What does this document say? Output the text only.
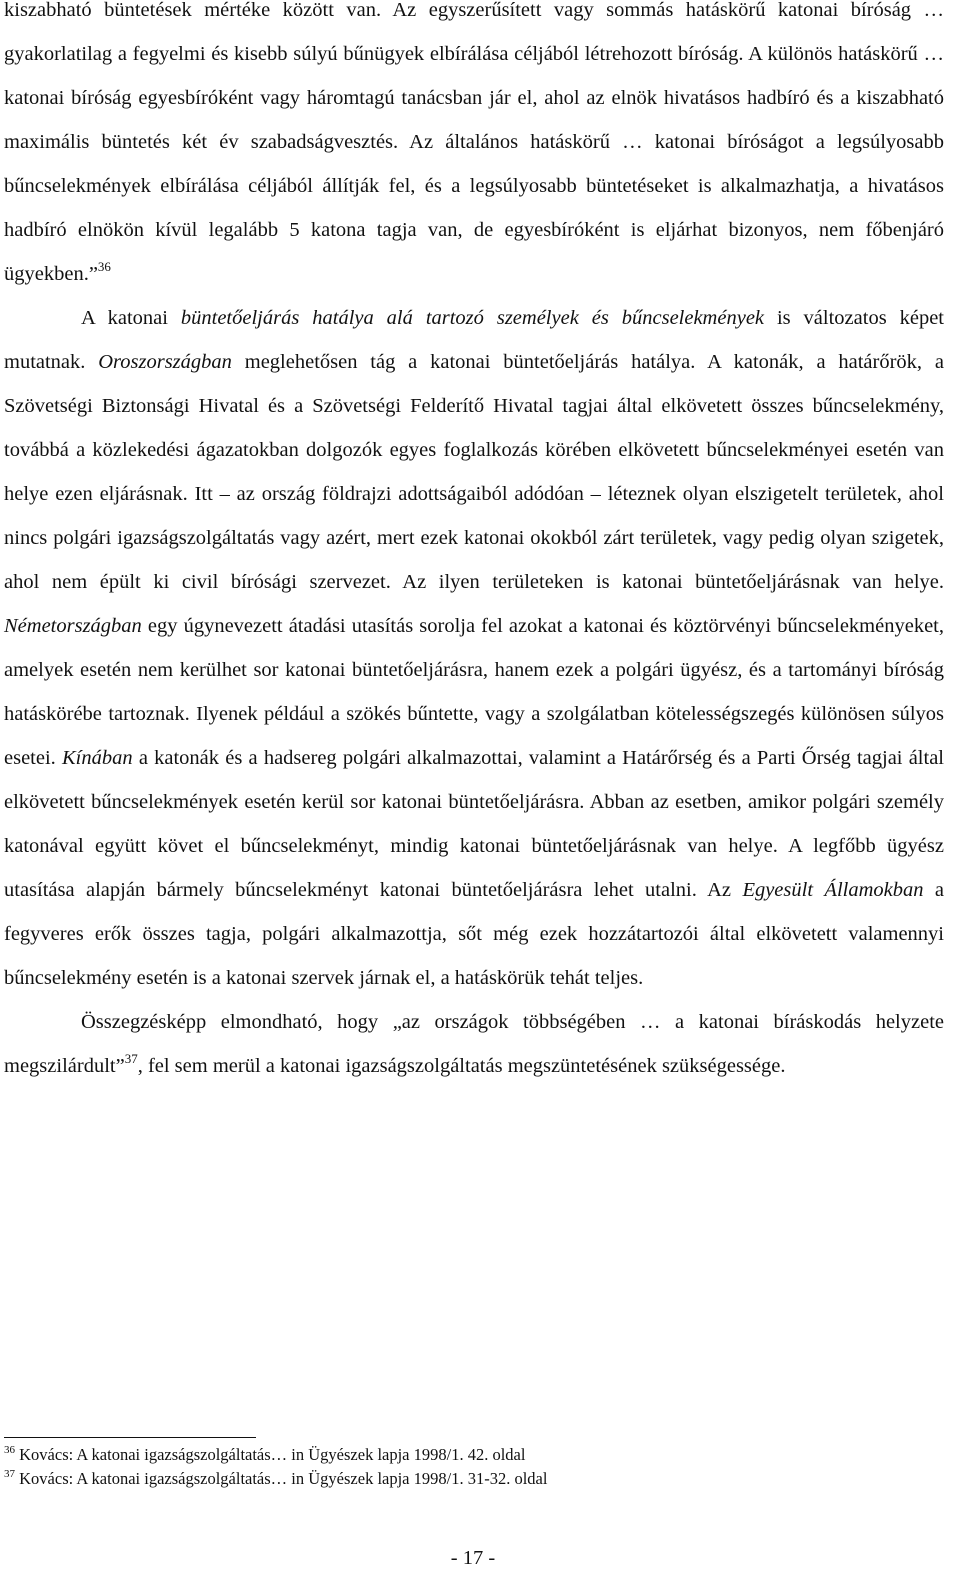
kiszabható büntetések mértéke között van. Az egyszerűsített vagy sommás hatáskörű katonai bíróság … gyakorlatilag a fegyelmi és kisebb súlyú bűnügyek elbírálása céljából létrehozott bíróság. A különös hatáskörű … katonai bíróság egyesbíróként vagy háromtagú tanácsban jár el, ahol az elnök hivatásos hadbíró és a kiszabható maximális büntetés két év szabadságvesztés. Az általános hatáskörű … katonai bíróságot a legsúlyosabb bűncselekmények elbírálása céljából állítják fel, és a legsúlyosabb büntetéseket is alkalmazhatja, a hivatásos hadbíró elnökön kívül legalább 5 katona tagja van, de egyesbíróként is eljárhat bizonyos, nem főbenjáró ügyekben.”$^{36}$

A katonai büntetőeljárás hatálya alá tartozó személyek és bűncselekmények is változatos képet mutatnak. Oroszországban meglehetősen tág a katonai büntetőeljárás hatálya. A katonák, a határőrök, a Szövetségi Biztonsági Hivatal és a Szövetségi Felderítő Hivatal tagjai által elkövetett összes bűncselekmény, továbbá a közlekedési ágazatokban dolgozók egyes foglalkozás körében elkövetett bűncselekményei esetén van helye ezen eljárásnak. Itt – az ország földrajzi adottságaiból adódóan – léteznek olyan elszigetelt területek, ahol nincs polgári igazságszolgáltatás vagy azért, mert ezek katonai okokból zárt területek, vagy pedig olyan szigetek, ahol nem épült ki civil bírósági szervezet. Az ilyen területeken is katonai büntetőeljárásnak van helye. Németországban egy úgynevezett átadási utasítás sorolja fel azokat a katonai és köztörvényi bűncselekményeket, amelyek esetén nem kerülhet sor katonai büntetőeljárásra, hanem ezek a polgári ügyész, és a tartományi bíróság hatáskörébe tartoznak. Ilyenek például a szökés bűntette, vagy a szolgálatban kötelességszegés különösen súlyos esetei. Kínában a katonák és a hadsereg polgári alkalmazottai, valamint a Határőrség és a Parti Őrség tagjai által elkövetett bűncselekmények esetén kerül sor katonai büntetőeljárásra. Abban az esetben, amikor polgári személy katonával együtt követ el bűncselekményt, mindig katonai büntetőeljárásnak van helye. A legfőbb ügyész utasítása alapján bármely bűncselekményt katonai büntetőeljárásra lehet utalni. Az Egyesült Államokban a fegyveres erők összes tagja, polgári alkalmazottja, sőt még ezek hozzátartozói által elkövetett valamennyi bűncselekmény esetén is a katonai szervek járnak el, a hatáskörük tehát teljes.

Összegzésképp elmondható, hogy „az országok többségében … a katonai bíráskodás helyzete megszilárdult”$^{37}$, fel sem merül a katonai igazságszolgáltatás megszüntetésének szükségessége.

$^{36}$ Kovács: A katonai igazságszolgáltatás… in Ügyészek lapja 1998/1. 42. oldal

$^{37}$ Kovács: A katonai igazságszolgáltatás… in Ügyészek lapja 1998/1. 31-32. oldal

- 17 -
